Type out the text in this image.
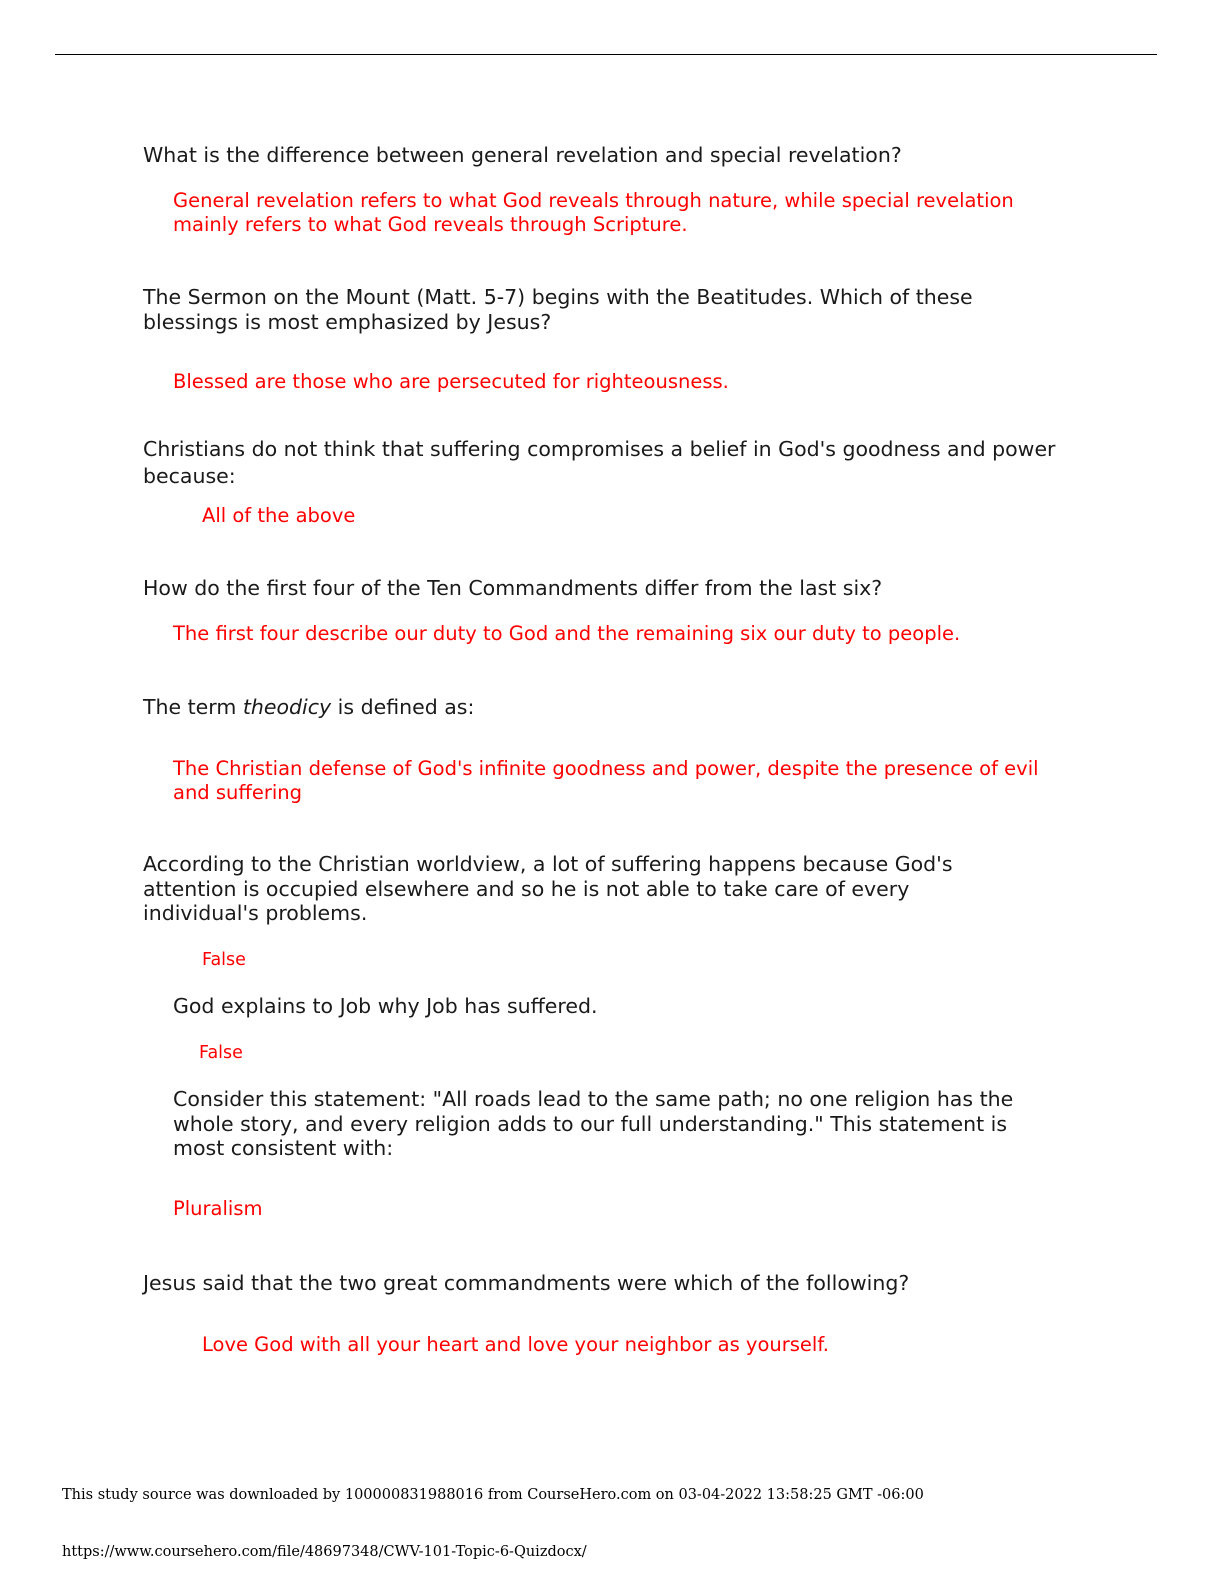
What is the difference between general revelation and special revelation?

General revelation refers to what God reveals through nature, while special revelation mainly refers to what God reveals through Scripture.

The Sermon on the Mount (Matt. 5-7) begins with the Beatitudes. Which of these blessings is most emphasized by Jesus?

Blessed are those who are persecuted for righteousness.

Christians do not think that suffering compromises a belief in God's goodness and power because:

All of the above

How do the first four of the Ten Commandments differ from the last six?

The first four describe our duty to God and the remaining six our duty to people.

The term theodicy is defined as:

The Christian defense of God's infinite goodness and power, despite the presence of evil and suffering

According to the Christian worldview, a lot of suffering happens because God's attention is occupied elsewhere and so he is not able to take care of every individual's problems.

False

God explains to Job why Job has suffered.

False

Consider this statement: "All roads lead to the same path; no one religion has the whole story, and every religion adds to our full understanding." This statement is most consistent with:

Pluralism

Jesus said that the two great commandments were which of the following?

Love God with all your heart and love your neighbor as yourself.

This study source was downloaded by 100000831988016 from CourseHero.com on 03-04-2022 13:58:25 GMT -06:00

https://www.coursehero.com/file/48697348/CWV-101-Topic-6-Quizdocx/
